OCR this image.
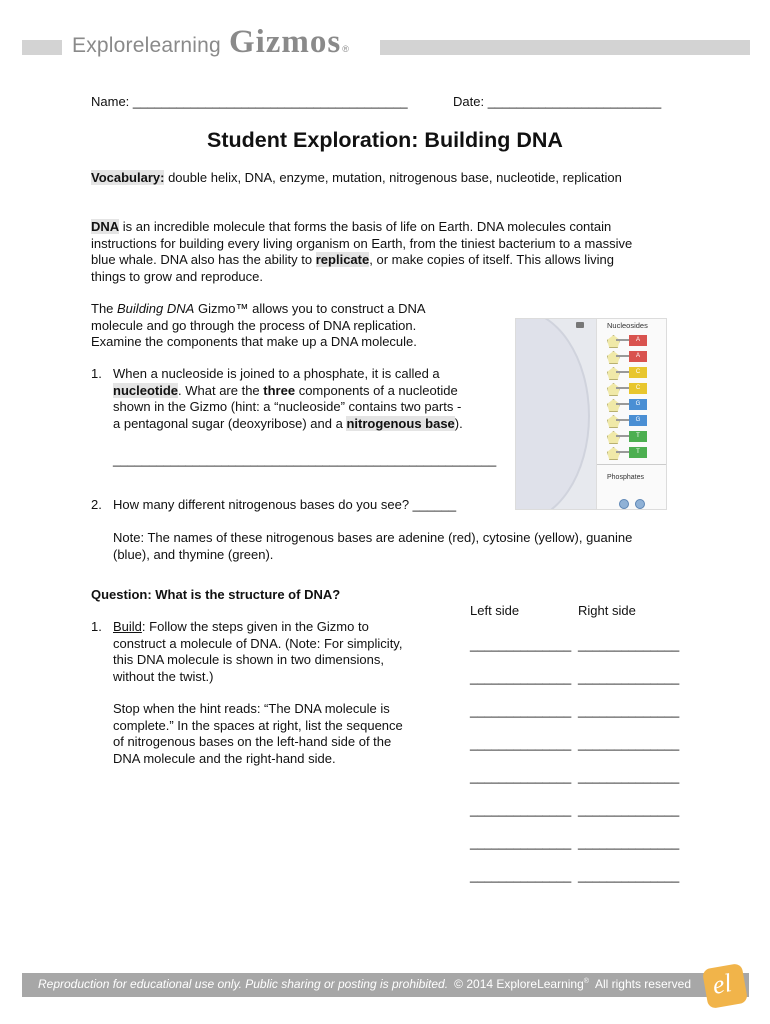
Explore learning Gizmos ®
Name: ______________________________________	Date: ________________________
Student Exploration: Building DNA
Vocabulary: double helix, DNA, enzyme, mutation, nitrogenous base, nucleotide, replication
DNA is an incredible molecule that forms the basis of life on Earth. DNA molecules contain
instructions for building every living organism on Earth, from the tiniest bacterium to a massive
blue whale. DNA also has the ability to replicate, or make copies of itself. This allows living
things to grow and reproduce.
The Building DNA Gizmo™ allows you to construct a DNA
molecule and go through the process of DNA replication.
Examine the components that make up a DNA molecule.
1. When a nucleoside is joined to a phosphate, it is called a
nucleotide. What are the three components of a nucleotide
shown in the Gizmo (hint: a “nucleoside” contains two parts -
a pentagonal sugar (deoxyribose) and a nitrogenous base).
_____________________________________________________
2. How many different nitrogenous bases do you see? ______
Note: The names of these nitrogenous bases are adenine (red), cytosine (yellow), guanine
(blue), and thymine (green).
Nucleosides
A
A
C
C
G
G
T
T
Phosphates
Question: What is the structure of DNA?
Left side	Right side
______________ ______________
______________ ______________
______________ ______________
______________ ______________
______________ ______________
______________ ______________
______________ ______________
______________ ______________
1. Build: Follow the steps given in the Gizmo to
construct a molecule of DNA. (Note: For simplicity,
this DNA molecule is shown in two dimensions,
without the twist.)
Stop when the hint reads: “The DNA molecule is
complete.” In the spaces at right, list the sequence
of nitrogenous bases on the left-hand side of the
DNA molecule and the right-hand side.
Reproduction for educational use only. Public sharing or posting is prohibited. © 2014 ExploreLearning®  All rights reserved el
